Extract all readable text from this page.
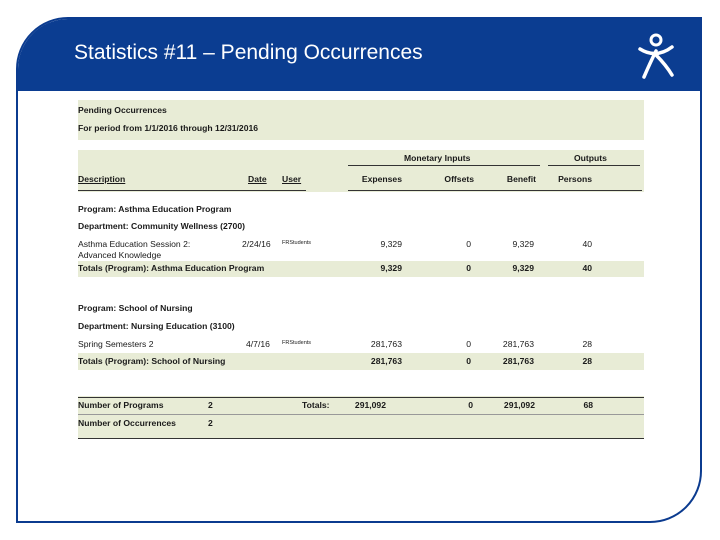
Statistics #11 – Pending Occurrences
Pending Occurrences
For period from 1/1/2016 through 12/31/2016
Monetary Inputs	Outputs
Description	Date User	Expenses	Offsets	Benefit	Persons
Program: Asthma Education Program
Department: Community Wellness (2700)
Asthma Education Session 2:
Advanced Knowledge
2/24/16 FRStudents	9,329	0	9,329	40
Totals (Program): Asthma Education Program	9,329	0	9,329	40
Program: School of Nursing
Department: Nursing Education (3100)
Spring Semesters 2	4/7/16 FRStudents	281,763	0	281,763	28
Totals (Program): School of Nursing	281,763	0	281,763	28
Number of Programs	2	Totals:	291,092	0	291,092	68
Number of Occurrences	2
